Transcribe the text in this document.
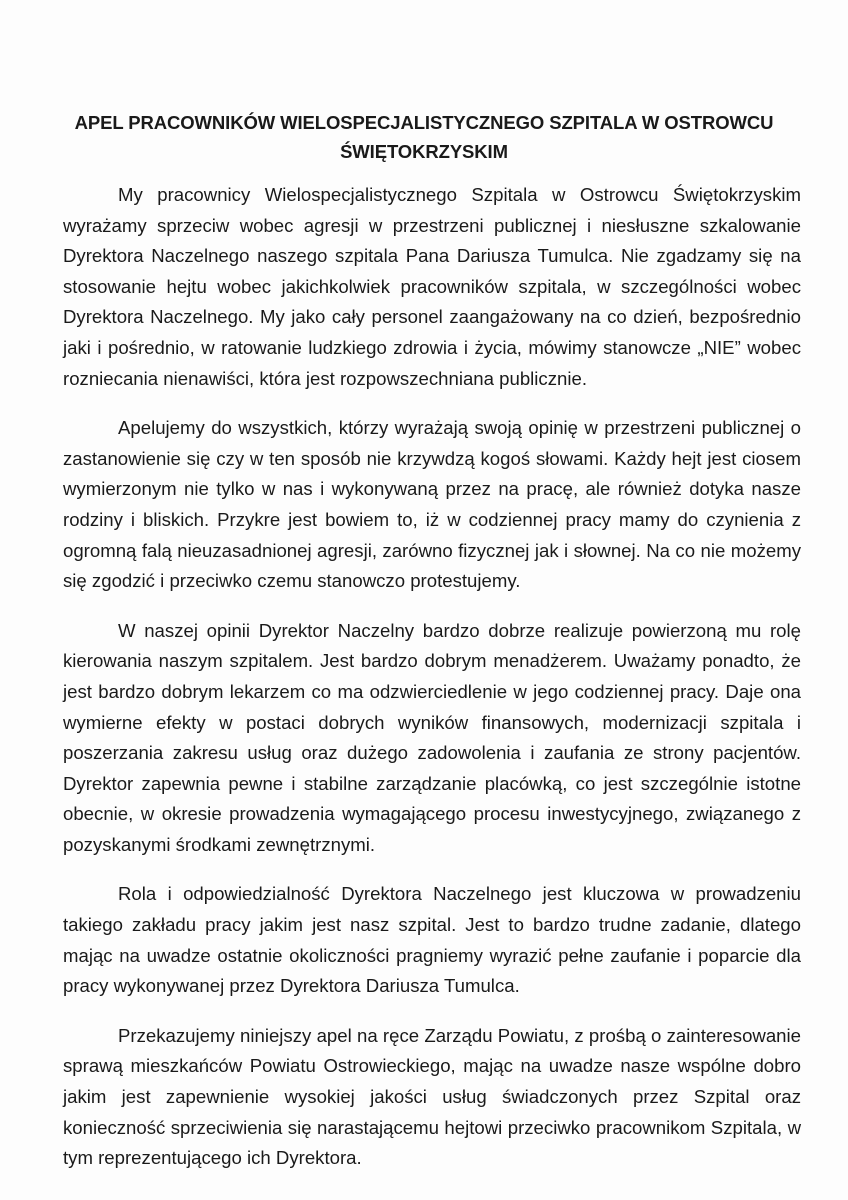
APEL PRACOWNIKÓW WIELOSPECJALISTYCZNEGO SZPITALA W OSTROWCU ŚWIĘTOKRZYSKIM

My pracownicy Wielospecjalistycznego Szpitala w Ostrowcu Świętokrzyskim wyrażamy sprzeciw wobec agresji w przestrzeni publicznej i niesłuszne szkalowanie Dyrektora Naczelnego naszego szpitala Pana Dariusza Tumulca. Nie zgadzamy się na stosowanie hejtu wobec jakichkolwiek pracowników szpitala, w szczególności wobec Dyrektora Naczelnego. My jako cały personel zaangażowany na co dzień, bezpośrednio jaki i pośrednio, w ratowanie ludzkiego zdrowia i życia, mówimy stanowcze „NIE” wobec rozniecania nienawiści, która jest rozpowszechniana publicznie.

Apelujemy do wszystkich, którzy wyrażają swoją opinię w przestrzeni publicznej o zastanowienie się czy w ten sposób nie krzywdzą kogoś słowami. Każdy hejt jest ciosem wymierzonym nie tylko w nas i wykonywaną przez na pracę, ale również dotyka nasze rodziny i bliskich. Przykre jest bowiem to, iż w codziennej pracy mamy do czynienia z ogromną falą nieuzasadnionej agresji, zarówno fizycznej jak i słownej. Na co nie możemy się zgodzić i przeciwko czemu stanowczo protestujemy.

W naszej opinii Dyrektor Naczelny bardzo dobrze realizuje powierzoną mu rolę kierowania naszym szpitalem. Jest bardzo dobrym menadżerem. Uważamy ponadto, że jest bardzo dobrym lekarzem co ma odzwierciedlenie w jego codziennej pracy. Daje ona wymierne efekty w postaci dobrych wyników finansowych, modernizacji szpitala i poszerzania zakresu usług oraz dużego zadowolenia i zaufania ze strony pacjentów. Dyrektor zapewnia pewne i stabilne zarządzanie placówką, co jest szczególnie istotne obecnie, w okresie prowadzenia wymagającego procesu inwestycyjnego, związanego z pozyskanymi środkami zewnętrznymi.

Rola i odpowiedzialność Dyrektora Naczelnego jest kluczowa w prowadzeniu takiego zakładu pracy jakim jest nasz szpital. Jest to bardzo trudne zadanie, dlatego mając na uwadze ostatnie okoliczności pragniemy wyrazić pełne zaufanie i poparcie dla pracy wykonywanej przez Dyrektora Dariusza Tumulca.

Przekazujemy niniejszy apel na ręce Zarządu Powiatu, z prośbą o zainteresowanie sprawą mieszkańców Powiatu Ostrowieckiego, mając na uwadze nasze wspólne dobro jakim jest zapewnienie wysokiej jakości usług świadczonych przez Szpital oraz konieczność sprzeciwienia się narastającemu hejtowi przeciwko pracownikom Szpitala, w tym reprezentującego ich Dyrektora.
